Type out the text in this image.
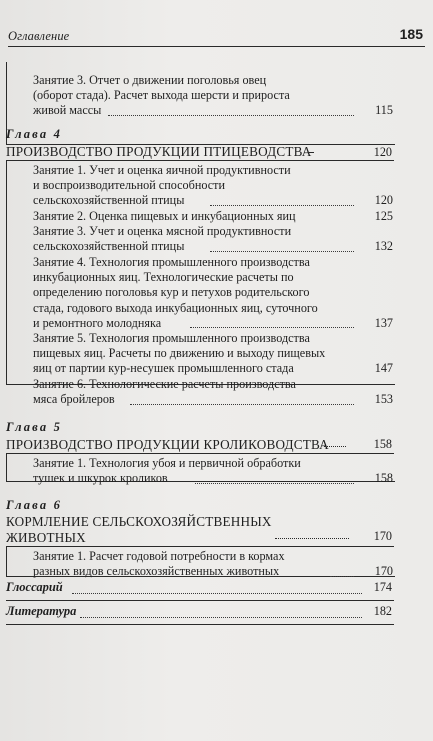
Оглавление	185
Занятие 3. Отчет о движении поголовья овец
(оборот стада). Расчет выхода шерсти и прироста
живой массы	115
Глава 4
ПРОИЗВОДСТВО ПРОДУКЦИИ ПТИЦЕВОДСТВА	120
Занятие 1. Учет и оценка яичной продуктивности
и воспроизводительной способности
сельскохозяйственной птицы	120
Занятие 2. Оценка пищевых и инкубационных яиц	125
Занятие 3. Учет и оценка мясной продуктивности
сельскохозяйственной птицы	132
Занятие 4. Технология промышленного производства
инкубационных яиц. Технологические расчеты по
определению поголовья кур и петухов родительского
стада, годового выхода инкубационных яиц, суточного
и ремонтного молодняка	137
Занятие 5. Технология промышленного производства
пищевых яиц. Расчеты по движению и выходу пищевых
яиц от партии кур-несушек промышленного стада	147
Занятие 6. Технологические расчеты производства
мяса бройлеров	153
Глава 5
ПРОИЗВОДСТВО ПРОДУКЦИИ КРОЛИКОВОДСТВА	158
Занятие 1. Технология убоя и первичной обработки
тушек и шкурок кроликов	158
Глава 6
КОРМЛЕНИЕ СЕЛЬСКОХОЗЯЙСТВЕННЫХ
ЖИВОТНЫХ	170
Занятие 1. Расчет годовой потребности в кормах
разных видов сельскохозяйственных животных	170
Глоссарий	174
Литература	182
